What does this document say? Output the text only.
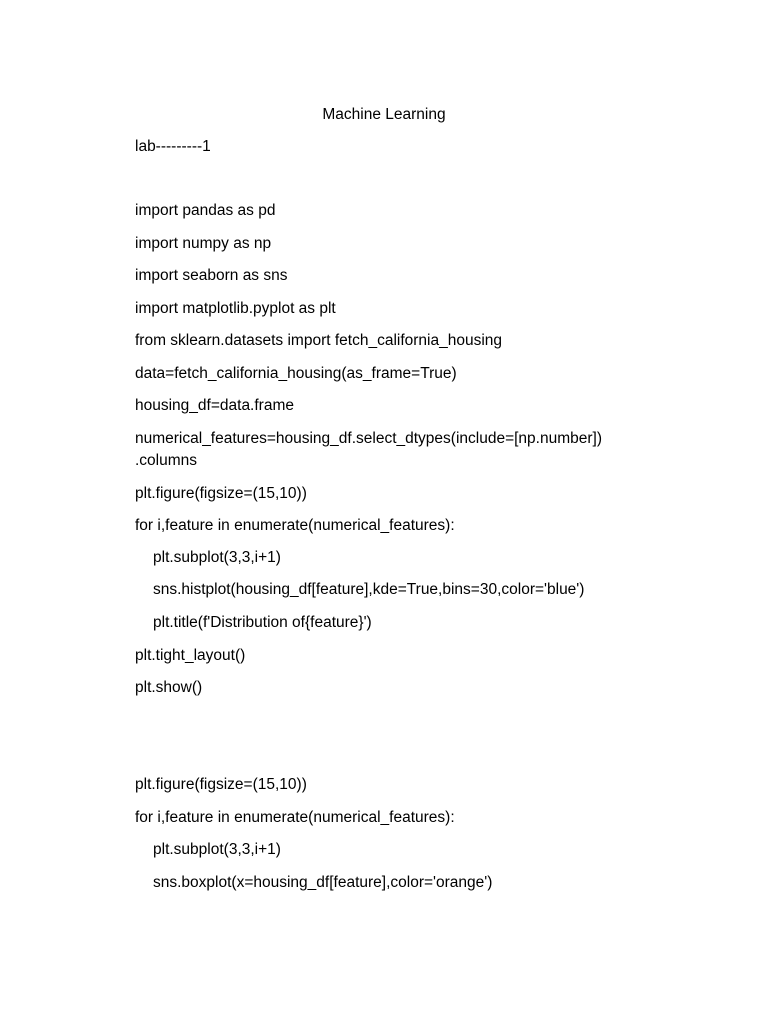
Machine Learning
lab---------1
import pandas as pd
import numpy as np
import seaborn as sns
import matplotlib.pyplot as plt
from sklearn.datasets import fetch_california_housing
data=fetch_california_housing(as_frame=True)
housing_df=data.frame
numerical_features=housing_df.select_dtypes(include=[np.number])
.columns
plt.figure(figsize=(15,10))
for i,feature in enumerate(numerical_features):
plt.subplot(3,3,i+1)
sns.histplot(housing_df[feature],kde=True,bins=30,color='blue')
plt.title(f'Distribution of{feature}')
plt.tight_layout()
plt.show()
plt.figure(figsize=(15,10))
for i,feature in enumerate(numerical_features):
plt.subplot(3,3,i+1)
sns.boxplot(x=housing_df[feature],color='orange')
